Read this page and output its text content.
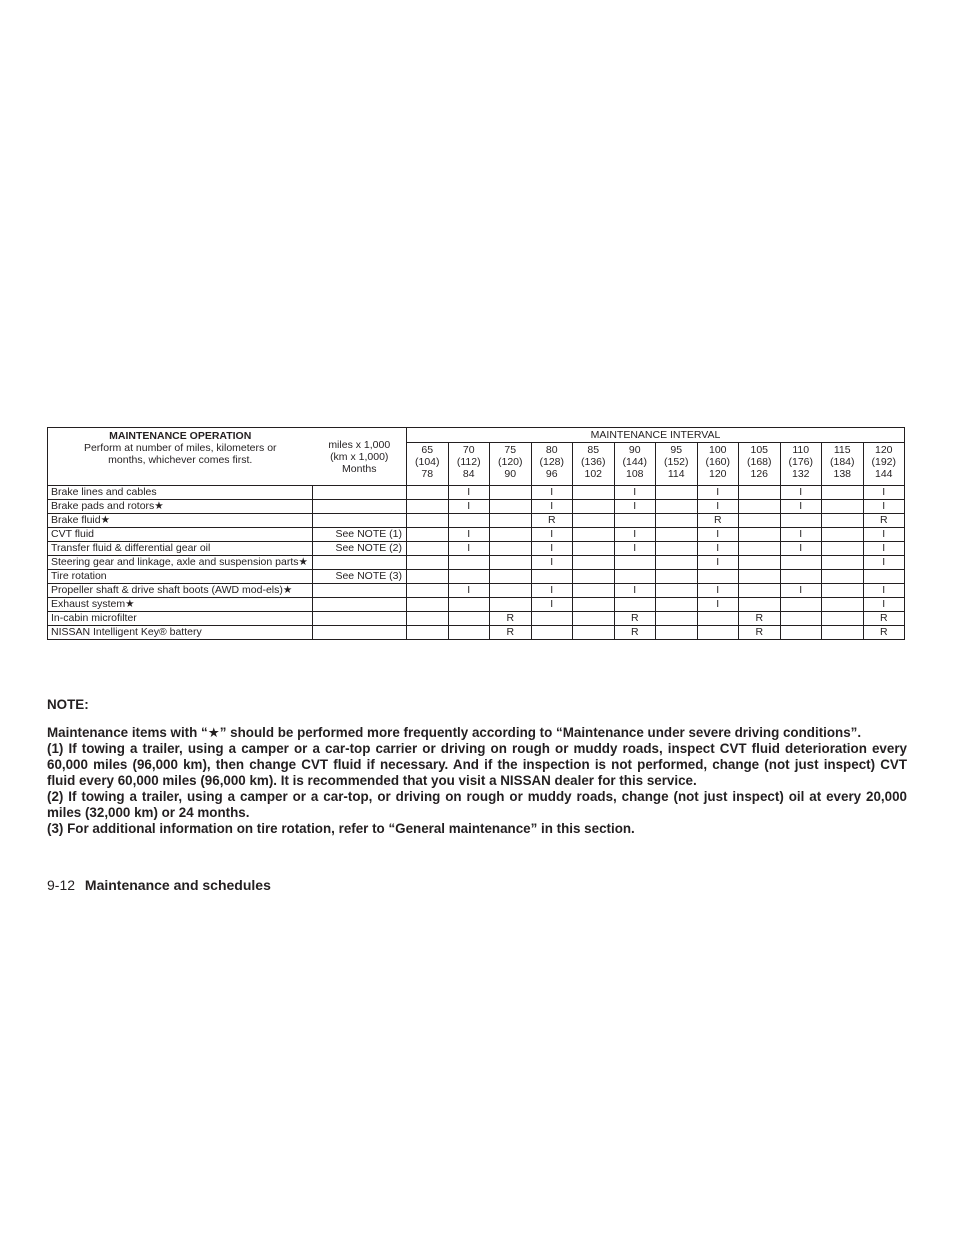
MAINTENANCE OPERATION
Perform at number of miles, kilometers or
months, whichever comes first.	miles x 1,000
(km x 1,000)
Months	MAINTENANCE INTERVAL											

		65
(104)
78	70
(112)
84	75
(120)
90	80
(128)
96	85
(136)
102	90
(144)
108	95
(152)
114	100
(160)
120	105
(168)
126	110
(176)
132	115
(184)
138	120
(192)
144

Brake lines and cables			I		I		I		I		I		I
Brake pads and rotors★			I		I		I		I		I		I
Brake fluid★					R				R				R
CVT fluid	See NOTE (1)		I		I		I		I		I		I
Transfer fluid & differential gear oil	See NOTE (2)		I		I		I		I		I		I
Steering gear and linkage, axle and suspension parts★					I				I				I
Tire rotation	See NOTE (3)												
Propeller shaft & drive shaft boots (AWD mod-els)★			I		I		I		I		I		I
Exhaust system★					I				I				I
In-cabin microfilter				R			R			R			R
NISSAN Intelligent Key® battery				R			R			R			R

NOTE:

Maintenance items with “★” should be performed more frequently according to “Maintenance under severe driving conditions”.

(1) If towing a trailer, using a camper or a car-top carrier or driving on rough or muddy roads, inspect CVT fluid deterioration every 60,000 miles (96,000 km), then change CVT fluid if necessary. And if the inspection is not performed, change (not just inspect) CVT fluid every 60,000 miles (96,000 km). It is recommended that you visit a NISSAN dealer for this service.

(2) If towing a trailer, using a camper or a car-top, or driving on rough or muddy roads, change (not just inspect) oil at every 20,000 miles (32,000 km) or 24 months.

(3) For additional information on tire rotation, refer to “General maintenance” in this section.

9-12 Maintenance and schedules
